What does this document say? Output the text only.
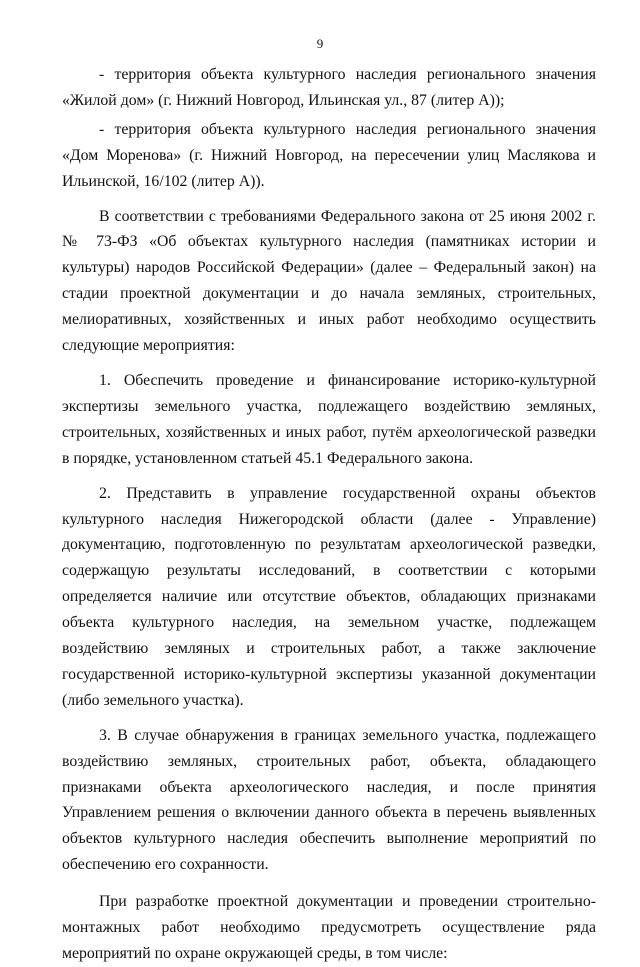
9

- территория объекта культурного наследия регионального значения «Жилой дом» (г. Нижний Новгород, Ильинская ул., 87 (литер А));

- территория объекта культурного наследия регионального значения «Дом Моренова» (г. Нижний Новгород, на пересечении улиц Маслякова и Ильинской, 16/102 (литер А)).

В соответствии с требованиями Федерального закона от 25 июня 2002 г. № 73-ФЗ «Об объектах культурного наследия (памятниках истории и культуры) народов Российской Федерации» (далее – Федеральный закон) на стадии проектной документации и до начала земляных, строительных, мелиоративных, хозяйственных и иных работ необходимо осуществить следующие мероприятия:

1. Обеспечить проведение и финансирование историко-культурной экспертизы земельного участка, подлежащего воздействию земляных, строительных, хозяйственных и иных работ, путём археологической разведки в порядке, установленном статьей 45.1 Федерального закона.

2. Представить в управление государственной охраны объектов культурного наследия Нижегородской области (далее - Управление) документацию, подготовленную по результатам археологической разведки, содержащую результаты исследований, в соответствии с которыми определяется наличие или отсутствие объектов, обладающих признаками объекта культурного наследия, на земельном участке, подлежащем воздействию земляных и строительных работ, а также заключение государственной историко-культурной экспертизы указанной документации (либо земельного участка).

3. В случае обнаружения в границах земельного участка, подлежащего воздействию земляных, строительных работ, объекта, обладающего признаками объекта археологического наследия, и после принятия Управлением решения о включении данного объекта в перечень выявленных объектов культурного наследия обеспечить выполнение мероприятий по обеспечению его сохранности.

При разработке проектной документации и проведении строительно-монтажных работ необходимо предусмотреть осуществление ряда мероприятий по охране окружающей среды, в том числе:
